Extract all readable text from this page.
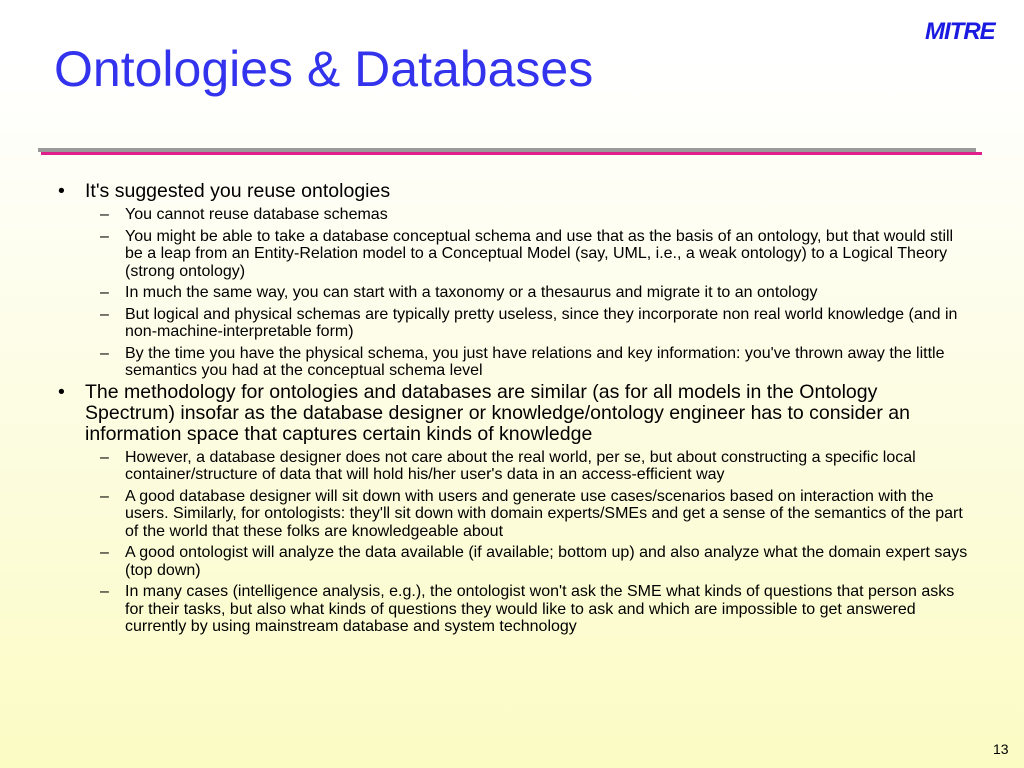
Ontologies & Databases
MITRE
• It's suggested you reuse ontologies
– You cannot reuse database schemas
– You might be able to take a database conceptual schema and use that as the basis of an ontology, but that would still be a leap from an Entity-Relation model to a Conceptual Model (say, UML, i.e., a weak ontology) to a Logical Theory (strong ontology)
– In much the same way, you can start with a taxonomy or a thesaurus and migrate it to an ontology
– But logical and physical schemas are typically pretty useless, since they incorporate non real world knowledge (and in non-machine-interpretable form)
– By the time you have the physical schema, you just have relations and key information: you've thrown away the little semantics you had at the conceptual schema level
• The methodology for ontologies and databases are similar (as for all models in the Ontology Spectrum) insofar as the database designer or knowledge/ontology engineer has to consider an information space that captures certain kinds of knowledge
– However, a database designer does not care about the real world, per se, but about constructing a specific local container/structure of data that will hold his/her user's data in an access-efficient way
– A good database designer will sit down with users and generate use cases/scenarios based on interaction with the users. Similarly, for ontologists: they'll sit down with domain experts/SMEs and get a sense of the semantics of the part of the world that these folks are knowledgeable about
– A good ontologist will analyze the data available (if available; bottom up) and also analyze what the domain expert says (top down)
– In many cases (intelligence analysis, e.g.), the ontologist won't ask the SME what kinds of questions that person asks for their tasks, but also what kinds of questions they would like to ask and which are impossible to get answered currently by using mainstream database and system technology
13
